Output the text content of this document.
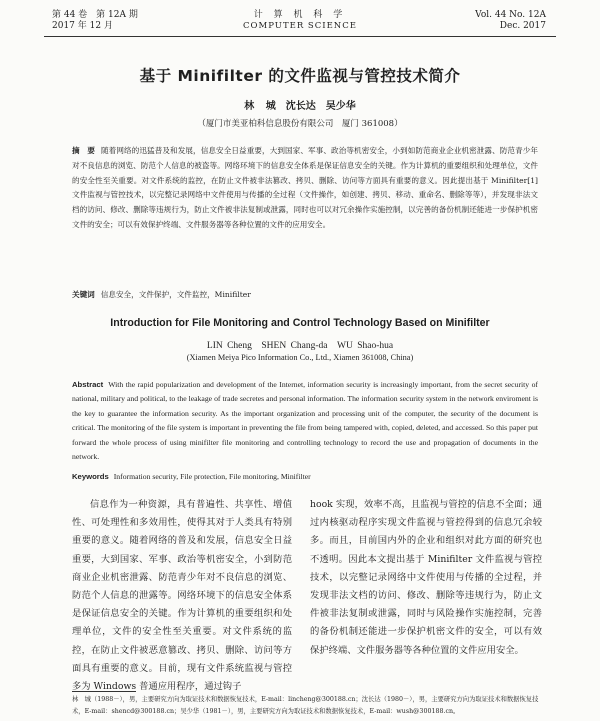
第 44 卷　第 12A 期
2017 年 12 月
计 算 机 科 学
COMPUTER SCIENCE
Vol. 44 No. 12A
Dec. 2017
基于 Minifilter 的文件监视与管控技术简介
林 城　沈长达　吴少华
（厦门市美亚柏科信息股份有限公司　厦门 361008）

摘　要 随着网络的迅猛普及和发展，信息安全日益重要，大到国家、军事、政治等机密安全，小到如防范商业企业机密泄露、防范青少年对不良信息的浏览、防范个人信息的被盗等。网络环境下的信息安全体系是保证信息安全的关键。作为计算机的重要组织和处理单位，文件的安全性至关重要。对文件系统的监控，在防止文件被非法篡改、拷贝、删除、访问等方面具有重要的意义。因此提出基于 Minifilter[1] 文件监视与管控技术，以完整记录网络中文件使用与传播的全过程（文件操作，如创建、拷贝、移动、重命名、删除等等），并发现非法文档的访问、修改、删除等违规行为，防止文件被非法复制或泄露，同时也可以对冗余操作实施控制，以完善的备份机制还能进一步保护机密文件的安全；可以有效保护终端、文件服务器等各种位置的文件的应用安全。

关键词 信息安全，文件保护，文件监控，Minifilter

Introduction for File Monitoring and Control Technology Based on Minifilter
LIN Cheng　SHEN Chang-da　WU Shao-hua
(Xiamen Meiya Pico Information Co., Ltd., Xiamen 361008, China)

Abstract With the rapid popularization and development of the Internet, information security is increasingly important, from the secret security of national, military and political, to the leakage of trade secretes and personal information. The information security system in the network enviroment is the key to guarantee the information security. As the important organization and processing unit of the computer, the security of the document is critical. The monitoring of the file system is important in preventing the file from being tampered with, copied, deleted, and accessed. So this paper put forward the whole process of using minifilter file monitoring and controlling technology to record the use and propagation of documents in the network.

Keywords Information security, File protection, File monitoring, Minifilter

信息作为一种资源，具有普遍性、共享性、增值性、可处理性和多效用性，使得其对于人类具有特别重要的意义。随着网络的普及和发展，信息安全日益重要，大到国家、军事、政治等机密安全，小到防范商业企业机密泄露、防范青少年对不良信息的浏览、防范个人信息的泄露等。网络环境下的信息安全体系是保证信息安全的关键。作为计算机的重要组织和处理单位，文件的安全性至关重要。对文件系统的监控，在防止文件被恶意篡改、拷贝、删除、访问等方面具有重要的意义。目前，现有文件系统监视与管控多为 Windows 普通应用程序，通过钩子

hook 实现，效率不高，且监视与管控的信息不全面；通过内核驱动程序实现文件监视与管控得到的信息冗余较多。而且，目前国内外的企业和组织对此方面的研究也不透明。因此本文提出基于 Minifilter 文件监视与管控技术，以完整记录网络中文件使用与传播的全过程，并发现非法文档的访问、修改、删除等违规行为，防止文件被非法复制或泄露，同时与风险操作实施控制，完善的备份机制还能进一步保护机密文件的安全，可以有效保护终端、文件服务器等各种位置的文件应用安全。

林　城（1988－），男，主要研究方向为取证技术和数据恢复技术，E-mail：lincheng@300188.cn；沈长达（1980－），男，主要研究方向为取证技术和数据恢复技术，E-mail：shencd@300188.cn；吴少华（1981－），男，主要研究方向为取证技术和数据恢复技术，E-mail：wush@300188.cn。
